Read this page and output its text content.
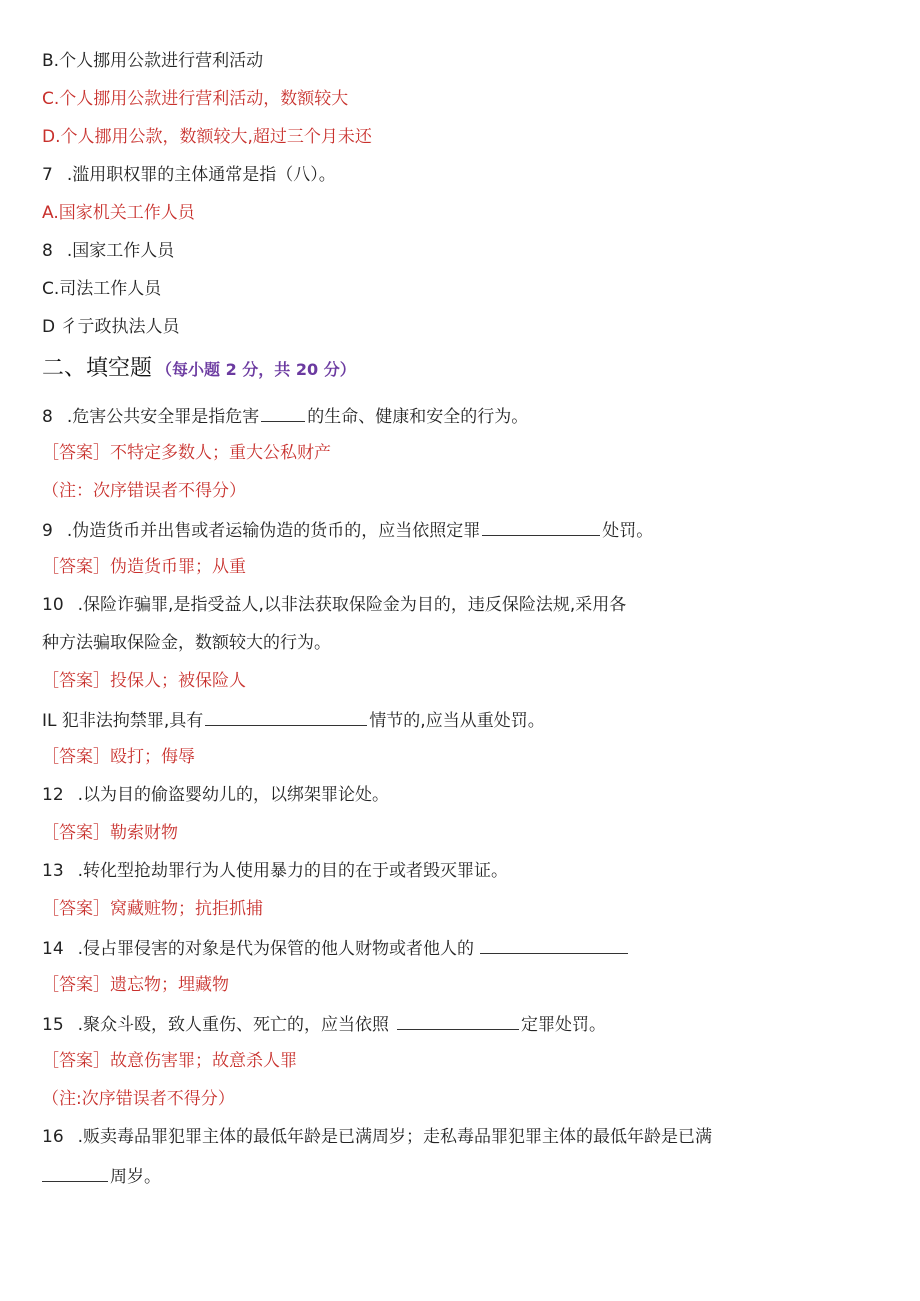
B.个人挪用公款进行营利活动
C.个人挪用公款进行营利活动，数额较大
D.个人挪用公款，数额较大,超过三个月未还
7 .滥用职权罪的主体通常是指（八）。
A.国家机关工作人员
8 .国家工作人员
C.司法工作人员
D 彳亍政执法人员
二、填空题 （每小题 2 分，共 20 分）
8 .危害公共安全罪是指危害	的生命、健康和安全的行为。
［答案］不特定多数人；重大公私财产
（注：次序错误者不得分）
9 .伪造货币并出售或者运输伪造的货币的，应当依照定罪	处罚。
［答案］伪造货币罪；从重
10 .保险诈骗罪,是指受益人,以非法获取保险金为目的，违反保险法规,采用各
种方法骗取保险金，数额较大的行为。
［答案］投保人；被保险人
IL 犯非法拘禁罪,具有	情节的,应当从重处罚。
［答案］殴打；侮辱
12 .以为目的偷盗婴幼儿的，以绑架罪论处。
［答案］勒索财物
13 .转化型抢劫罪行为人使用暴力的目的在于或者毁灭罪证。
［答案］窝藏赃物；抗拒抓捕
14 .侵占罪侵害的对象是代为保管的他人财物或者他人的
［答案］遗忘物；埋藏物
15 .聚众斗殴，致人重伤、死亡的，应当依照	定罪处罚。
［答案］故意伤害罪；故意杀人罪
（注:次序错误者不得分）
16 .贩卖毒品罪犯罪主体的最低年龄是已满周岁；走私毒品罪犯罪主体的最低年龄是已满
周岁。
